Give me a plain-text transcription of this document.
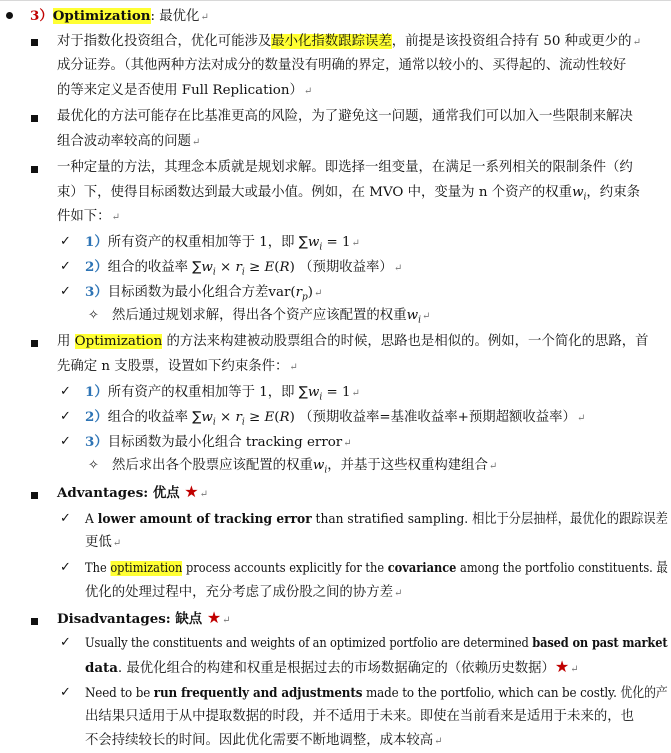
3）Optimization: 最优化↵
对于指数化投资组合，优化可能涉及最小化指数跟踪误差，前提是该投资组合持有 50 种或更少的↵
成分证券。（其他两种方法对成分的数量没有明确的界定，通常以较小的、买得起的、流动性较好
的等来定义是否使用 Full Replication）↵
最优化的方法可能存在比基准更高的风险，为了避免这一问题，通常我们可以加入一些限制来解决
组合波动率较高的问题↵
一种定量的方法，其理念本质就是规划求解。即选择一组变量，在满足一系列相关的限制条件（约
束）下，使得目标函数达到最大或最小值。例如，在 MVO 中，变量为 n 个资产的权重$w_i$，约束条
件如下：↵
✓ 1）所有资产的权重相加等于 1，即 $\sum w_i$ = 1↵
✓ 2）组合的收益率 $\sum w_i \times r_i \ge E(R)$ （预期收益率）↵
✓ 3）目标函数为最小化组合方差$var(r_p)↵$
✧ 然后通过规划求解，得出各个资产应该配置的权重$w_i↵$
用 Optimization 的方法来构建被动股票组合的时候，思路也是相似的。例如，一个简化的思路，首
先确定 n 支股票，设置如下约束条件：↵
✓ 1）所有资产的权重相加等于 1，即 $\sum w_i$ = 1↵
✓ 2）组合的收益率 $\sum w_i \times r_i \ge E(R)$ （预期收益率=基准收益率+预期超额收益率）↵
✓ 3）目标函数为最小化组合 tracking error↵
✧ 然后求出各个股票应该配置的权重$w_i$，并基于这些权重构建组合↵
Advantages: 优点 ★↵
✓ A lower amount of tracking error than stratified sampling. 相比于分层抽样，最优化的跟踪误差
更低↵
✓ The optimization process accounts explicitly for the covariance among the portfolio constituents. 最
优化的处理过程中，充分考虑了成份股之间的协方差↵
Disadvantages: 缺点 ★↵
✓ Usually the constituents and weights of an optimized portfolio are determined based on past market
data. 最优化组合的构建和权重是根据过去的市场数据确定的（依赖历史数据）★↵
✓ Need to be run frequently and adjustments made to the portfolio, which can be costly. 优化的产
出结果只适用于从中提取数据的时段，并不适用于未来。即使在当前看来是适用于未来的，也
不会持续较长的时间。因此优化需要不断地调整，成本较高↵
